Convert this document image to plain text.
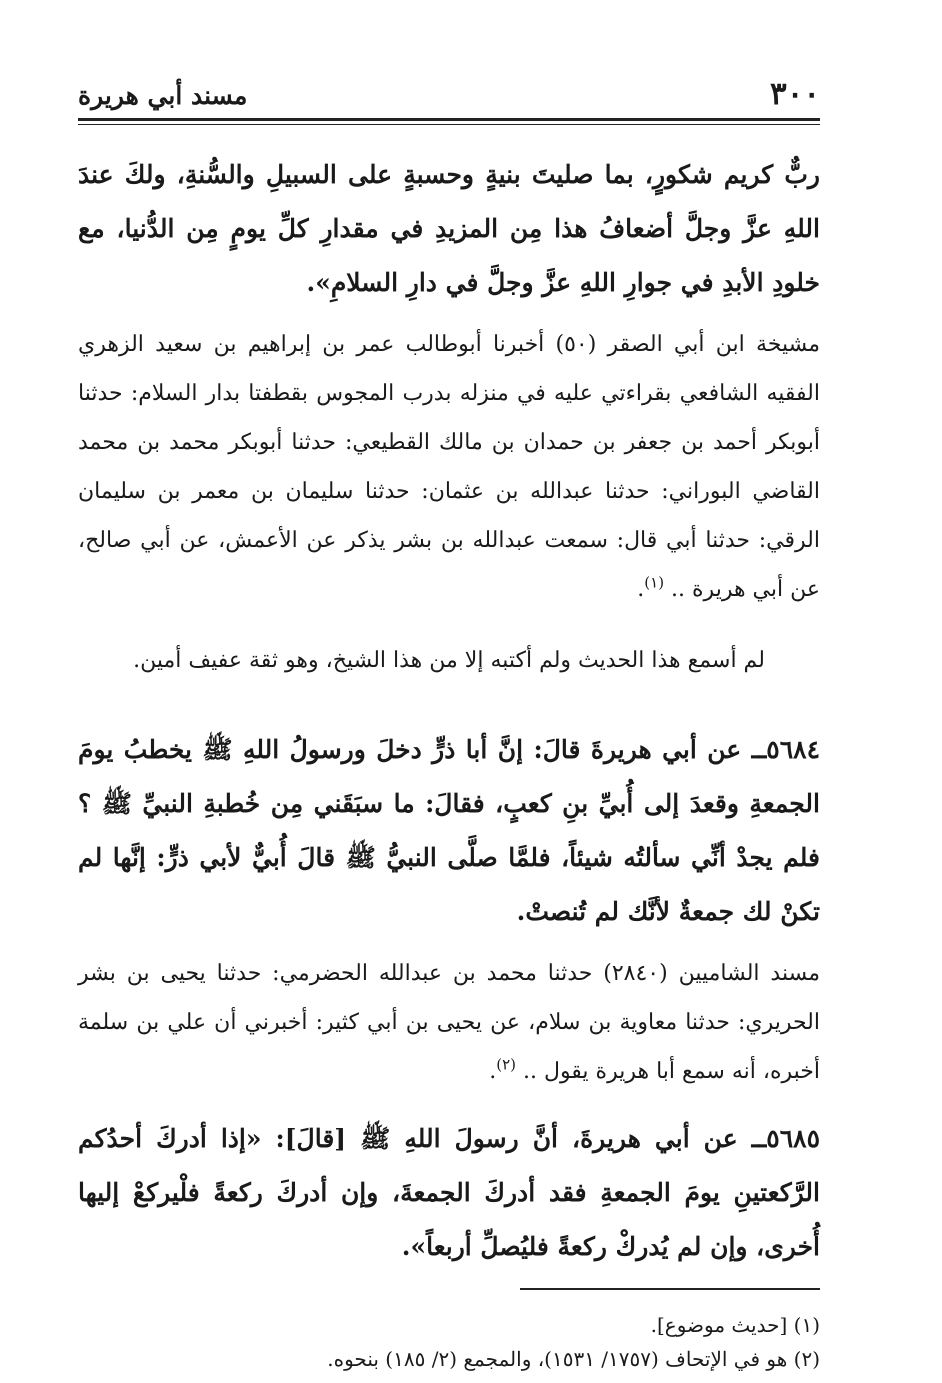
٣٠٠
مسند أبي هريرة

ربٌّ كريم شكورٍ، بما صليتَ بنيةٍ وحسبةٍ على السبيلِ والسُّنةِ، ولكَ عندَ اللهِ عزَّ وجلَّ أضعافُ هذا مِن المزيدِ في مقدارِ كلِّ يومٍ مِن الدُّنيا، مع خلودِ الأبدِ في جوارِ اللهِ عزَّ وجلَّ في دارِ السلامِ».

مشيخة ابن أبي الصقر (٥٠) أخبرنا أبوطالب عمر بن إبراهيم بن سعيد الزهري الفقيه الشافعي بقراءتي عليه في منزله بدرب المجوس بقطفتا بدار السلام: حدثنا أبوبكر أحمد بن جعفر بن حمدان بن مالك القطيعي: حدثنا أبوبكر محمد بن محمد القاضي البوراني: حدثنا عبدالله بن عثمان: حدثنا سليمان بن معمر بن سليمان الرقي: حدثنا أبي قال: سمعت عبدالله بن بشر يذكر عن الأعمش، عن أبي صالح، عن أبي هريرة .. $^{(١)}$.

لم أسمع هذا الحديث ولم أكتبه إلا من هذا الشيخ، وهو ثقة عفيف أمين.

٥٦٨٤ــ عن أبي هريرةَ قالَ: إنَّ أبا ذرٍّ دخلَ ورسولُ اللهِ ﷺ يخطبُ يومَ الجمعةِ وقعدَ إلى أُبيِّ بنِ كعبٍ، فقالَ: ما سبَقَني مِن خُطبةِ النبيِّ ﷺ ؟ فلم يجدْ أنِّي سألتُه شيئاً، فلمَّا صلَّى النبيُّ ﷺ قالَ أُبيٌّ لأبي ذرٍّ: إنَّها لم تكنْ لك جمعةٌ لأنَّك لم تُنصتْ.

مسند الشاميين (٢٨٤٠) حدثنا محمد بن عبدالله الحضرمي: حدثنا يحيى بن بشر الحريري: حدثنا معاوية بن سلام، عن يحيى بن أبي كثير: أخبرني أن علي بن سلمة أخبره، أنه سمع أبا هريرة يقول .. $^{(٢)}$.

٥٦٨٥ــ عن أبي هريرةَ، أنَّ رسولَ اللهِ ﷺ [قالَ]: «إذا أدركَ أحدُكم الرَّكعتينِ يومَ الجمعةِ فقد أدركَ الجمعةَ، وإن أدركَ ركعةً فلْيركعْ إليها أُخرى، وإن لم يُدركْ ركعةً فليُصلِّ أربعاً».

(١) [حديث موضوع].

(٢) هو في الإتحاف (١٧٥٧/ ١٥٣١)، والمجمع (٢/ ١٨٥) بنحوه.
